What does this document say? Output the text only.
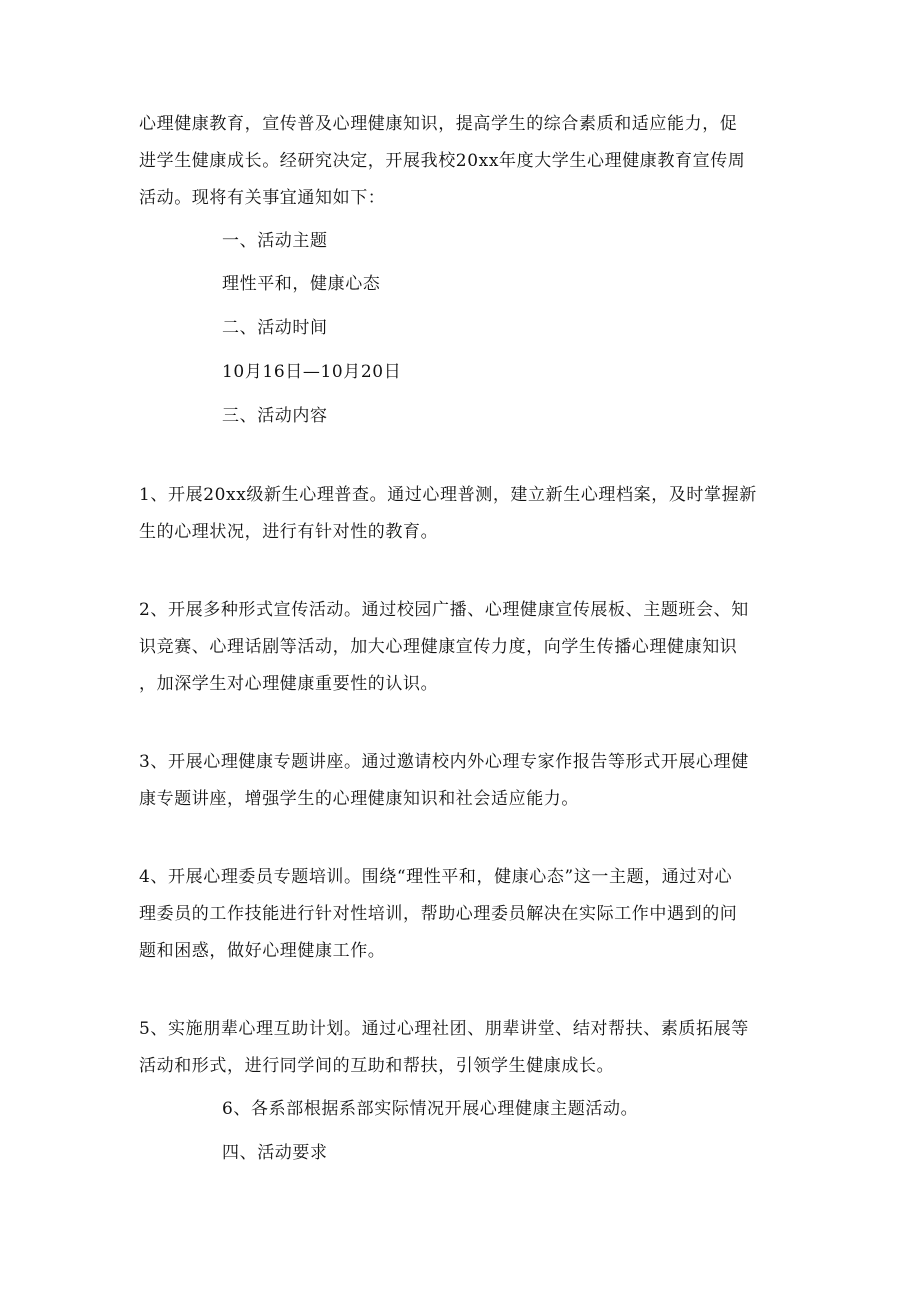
心理健康教育，宣传普及心理健康知识，提高学生的综合素质和适应能力，促
进学生健康成长。经研究决定，开展我校20xx年度大学生心理健康教育宣传周
活动。现将有关事宜通知如下：
一、活动主题
理性平和，健康心态
二、活动时间
10月16日—10月20日
三、活动内容
1、开展20xx级新生心理普查。通过心理普测，建立新生心理档案，及时掌握新
生的心理状况，进行有针对性的教育。
2、开展多种形式宣传活动。通过校园广播、心理健康宣传展板、主题班会、知
识竞赛、心理话剧等活动，加大心理健康宣传力度，向学生传播心理健康知识
，加深学生对心理健康重要性的认识。
3、开展心理健康专题讲座。通过邀请校内外心理专家作报告等形式开展心理健
康专题讲座，增强学生的心理健康知识和社会适应能力。
4、开展心理委员专题培训。围绕“理性平和，健康心态”这一主题，通过对心
理委员的工作技能进行针对性培训，帮助心理委员解决在实际工作中遇到的问
题和困惑，做好心理健康工作。
5、实施朋辈心理互助计划。通过心理社团、朋辈讲堂、结对帮扶、素质拓展等
活动和形式，进行同学间的互助和帮扶，引领学生健康成长。
6、各系部根据系部实际情况开展心理健康主题活动。
四、活动要求
